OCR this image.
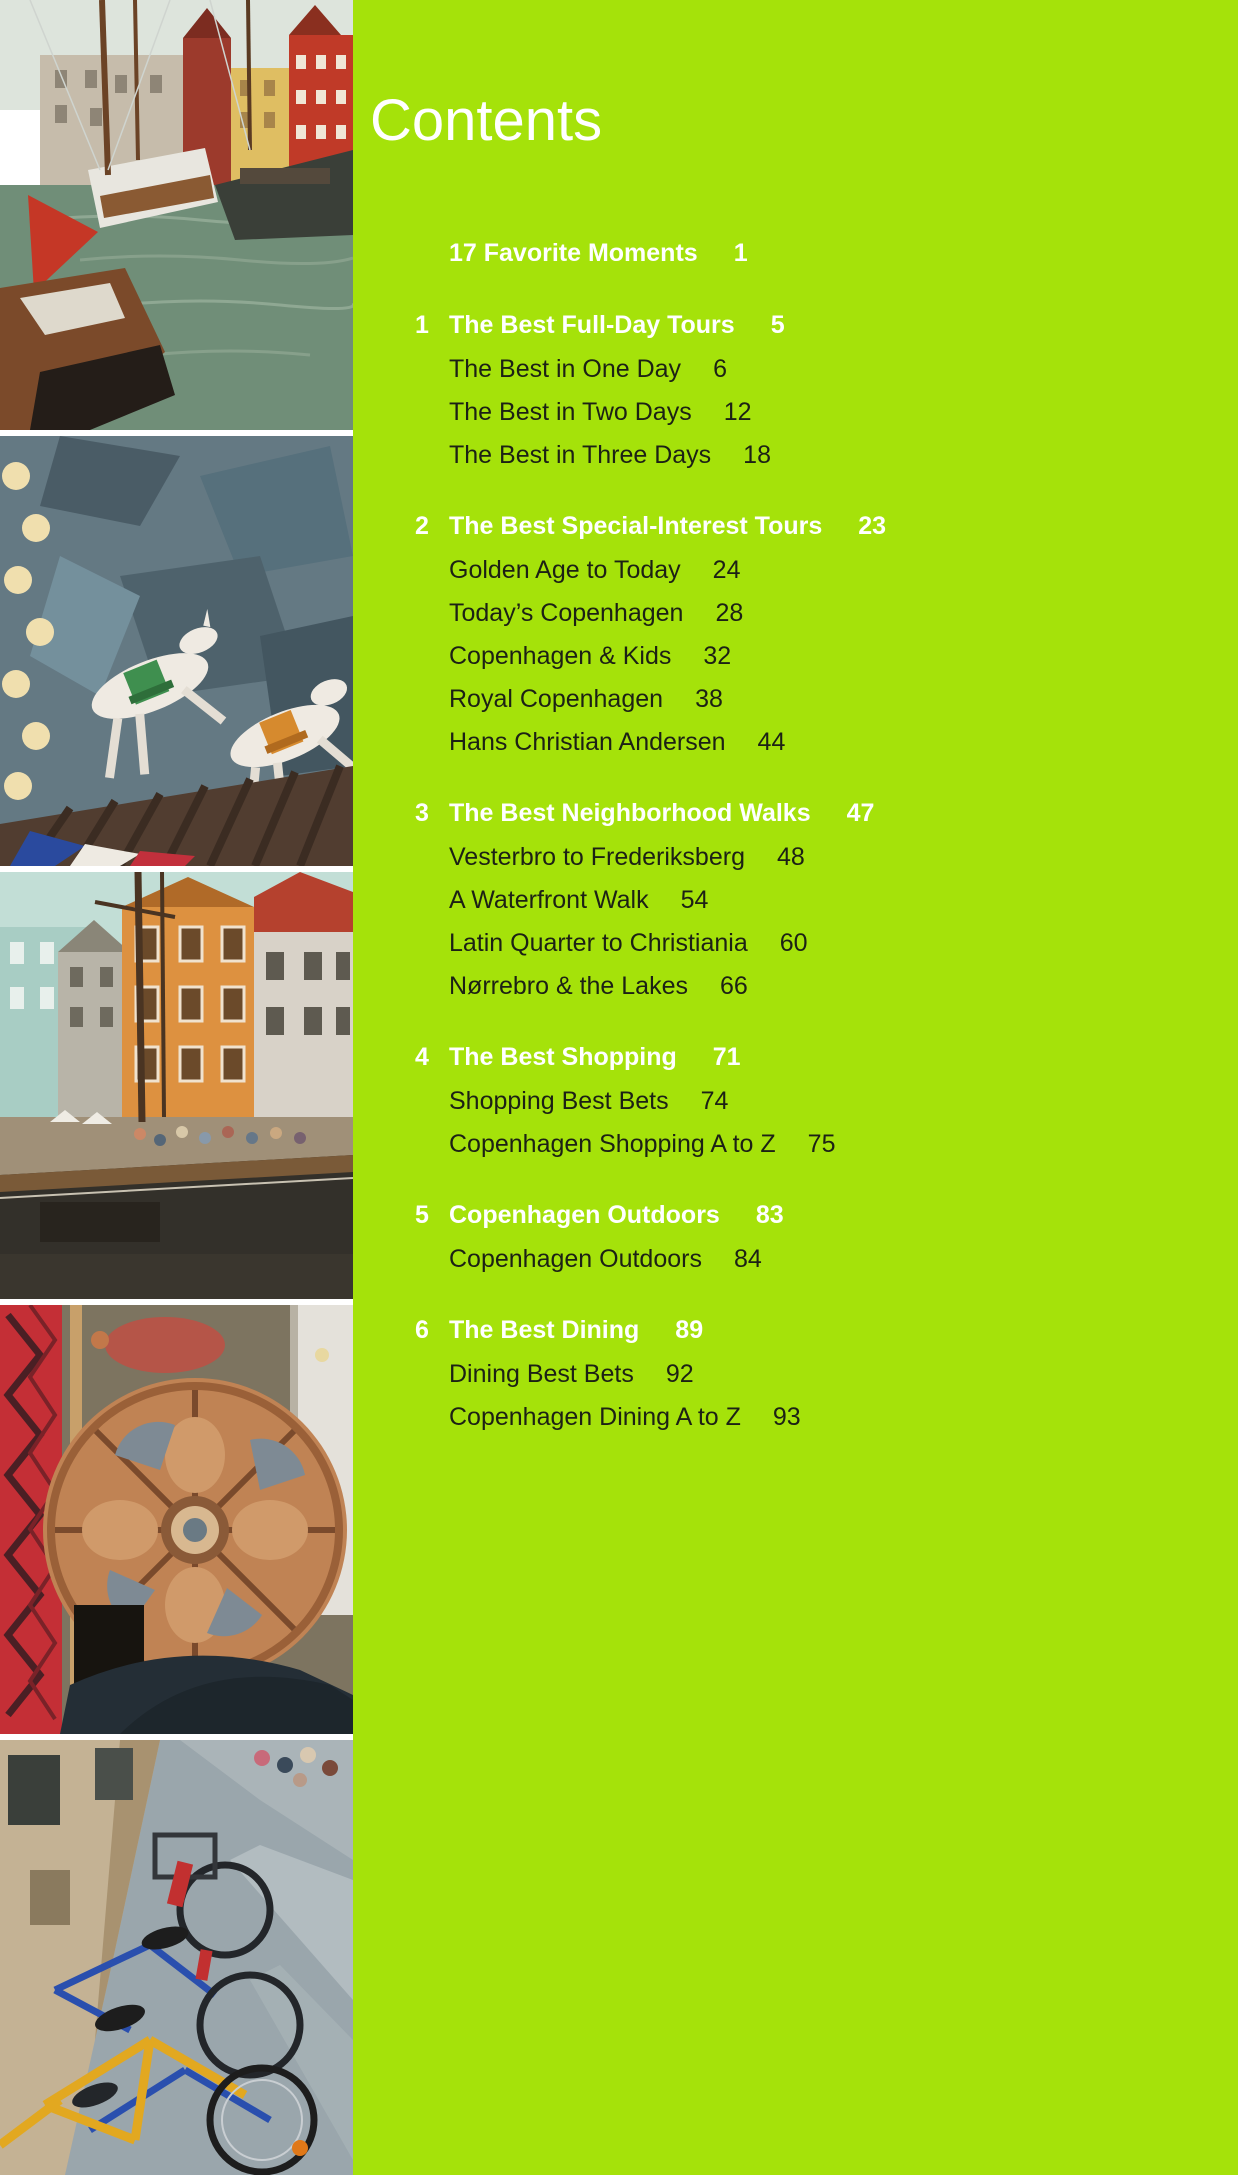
Contents
17 Favorite Moments 1
1 The Best Full-Day Tours 5
The Best in One Day 6
The Best in Two Days 12
The Best in Three Days 18
2 The Best Special-Interest Tours 23
Golden Age to Today 24
Today’s Copenhagen 28
Copenhagen & Kids 32
Royal Copenhagen 38
Hans Christian Andersen 44
3 The Best Neighborhood Walks 47
Vesterbro to Frederiksberg 48
A Waterfront Walk 54
Latin Quarter to Christiania 60
Nørrebro & the Lakes 66
4 The Best Shopping 71
Shopping Best Bets 74
Copenhagen Shopping A to Z 75
5 Copenhagen Outdoors 83
Copenhagen Outdoors 84
6 The Best Dining 89
Dining Best Bets 92
Copenhagen Dining A to Z 93
